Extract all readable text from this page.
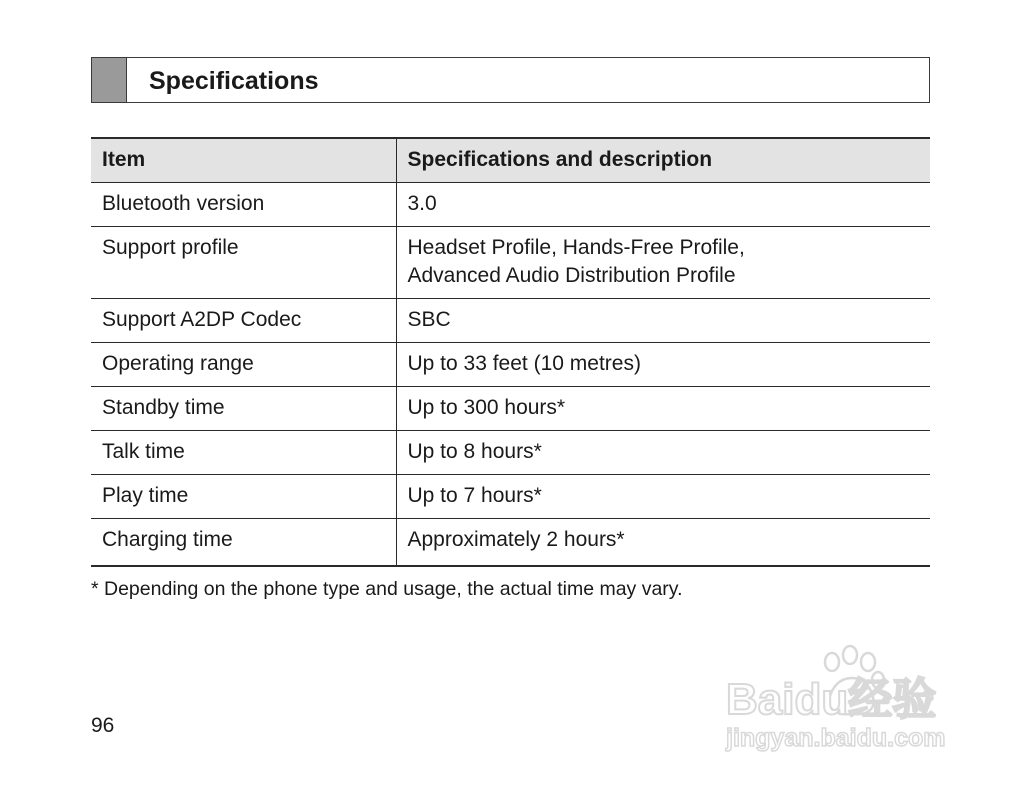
Specifications
Item	Specifications and description
Bluetooth version	3.0

Support profile	Headset Profile, Hands-Free Profile,
Advanced Audio Distribution Profile

Support A2DP Codec	SBC

Operating range	Up to 33 feet (10 metres)

Standby time	Up to 300 hours*

Talk time	Up to 8 hours*

Play time	Up to 7 hours*

Charging time	Approximately 2 hours*
* Depending on the phone type and usage, the actual time may vary.
96
Baidu经验
jingyan.baidu.com
